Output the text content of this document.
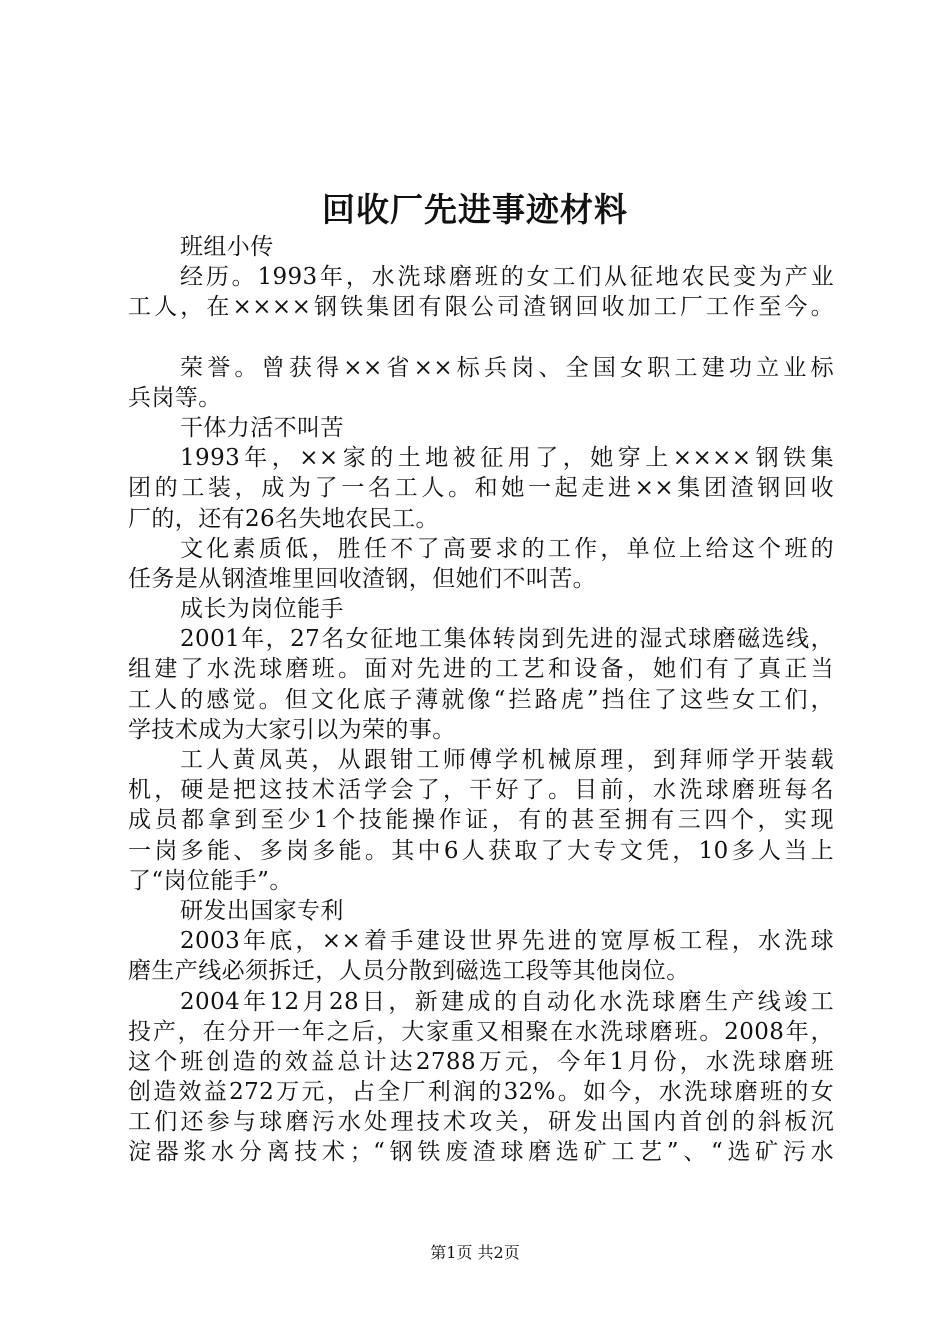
回收厂先进事迹材料
班组小传
经历。1993年，水洗球磨班的女工们从征地农民变为产业
工人，在××××钢铁集团有限公司渣钢回收加工厂工作至今。
荣誉。曾获得××省××标兵岗、全国女职工建功立业标
兵岗等。
干体力活不叫苦
1993年，××家的土地被征用了，她穿上××××钢铁集
团的工装，成为了一名工人。和她一起走进××集团渣钢回收
厂的，还有26名失地农民工。
文化素质低，胜任不了高要求的工作，单位上给这个班的
任务是从钢渣堆里回收渣钢，但她们不叫苦。
成长为岗位能手
2001年，27名女征地工集体转岗到先进的湿式球磨磁选线，
组建了水洗球磨班。面对先进的工艺和设备，她们有了真正当
工人的感觉。但文化底子薄就像“拦路虎”挡住了这些女工们，
学技术成为大家引以为荣的事。
工人黄凤英，从跟钳工师傅学机械原理，到拜师学开装载
机，硬是把这技术活学会了，干好了。目前，水洗球磨班每名
成员都拿到至少1个技能操作证，有的甚至拥有三四个，实现
一岗多能、多岗多能。其中6人获取了大专文凭，10多人当上
了“岗位能手”。
研发出国家专利
2003年底，××着手建设世界先进的宽厚板工程，水洗球
磨生产线必须拆迁，人员分散到磁选工段等其他岗位。
2004年12月28日，新建成的自动化水洗球磨生产线竣工
投产，在分开一年之后，大家重又相聚在水洗球磨班。2008年，
这个班创造的效益总计达2788万元，今年1月份，水洗球磨班
创造效益272万元，占全厂利润的32%。如今，水洗球磨班的女
工们还参与球磨污水处理技术攻关，研发出国内首创的斜板沉
淀器浆水分离技术；“钢铁废渣球磨选矿工艺”、“选矿污水
第1页 共2页
